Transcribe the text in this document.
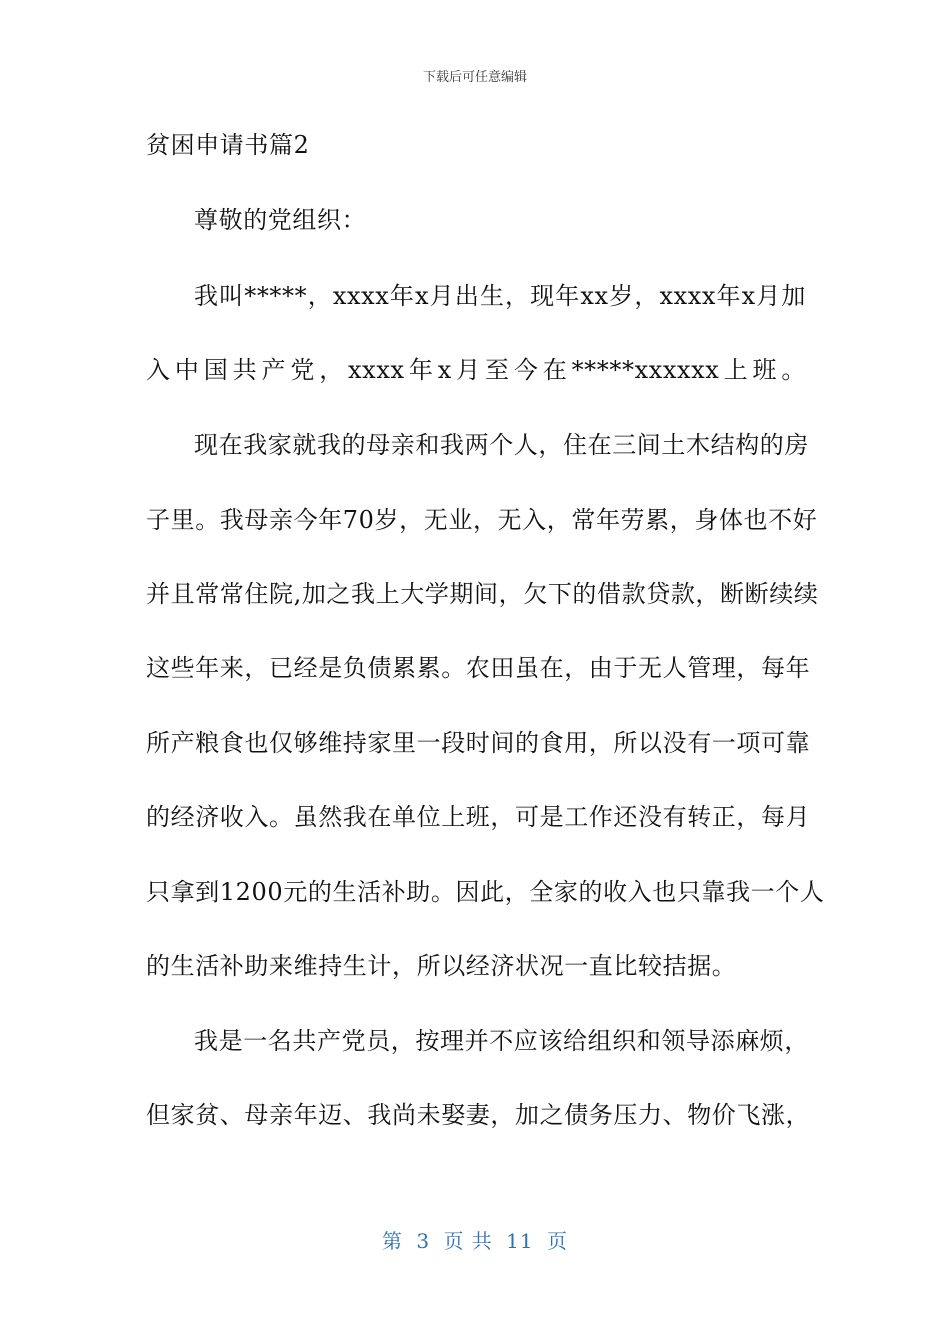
下载后可任意编辑
贫困申请书篇2
尊敬的党组织：
我叫*****，xxxx年x月出生，现年xx岁，xxxx年x月加
入中国共产党，xxxx年x月至今在*****xxxxxx上班。
现在我家就我的母亲和我两个人，住在三间土木结构的房
子里。我母亲今年70岁，无业，无入，常年劳累，身体也不好
并且常常住院,加之我上大学期间，欠下的借款贷款，断断续续
这些年来，已经是负债累累。农田虽在，由于无人管理，每年
所产粮食也仅够维持家里一段时间的食用，所以没有一项可靠
的经济收入。虽然我在单位上班，可是工作还没有转正，每月
只拿到1200元的生活补助。因此，全家的收入也只靠我一个人
的生活补助来维持生计，所以经济状况一直比较拮据。
我是一名共产党员，按理并不应该给组织和领导添麻烦，
但家贫、母亲年迈、我尚未娶妻，加之债务压力、物价飞涨，
第 3 页 共 11 页
